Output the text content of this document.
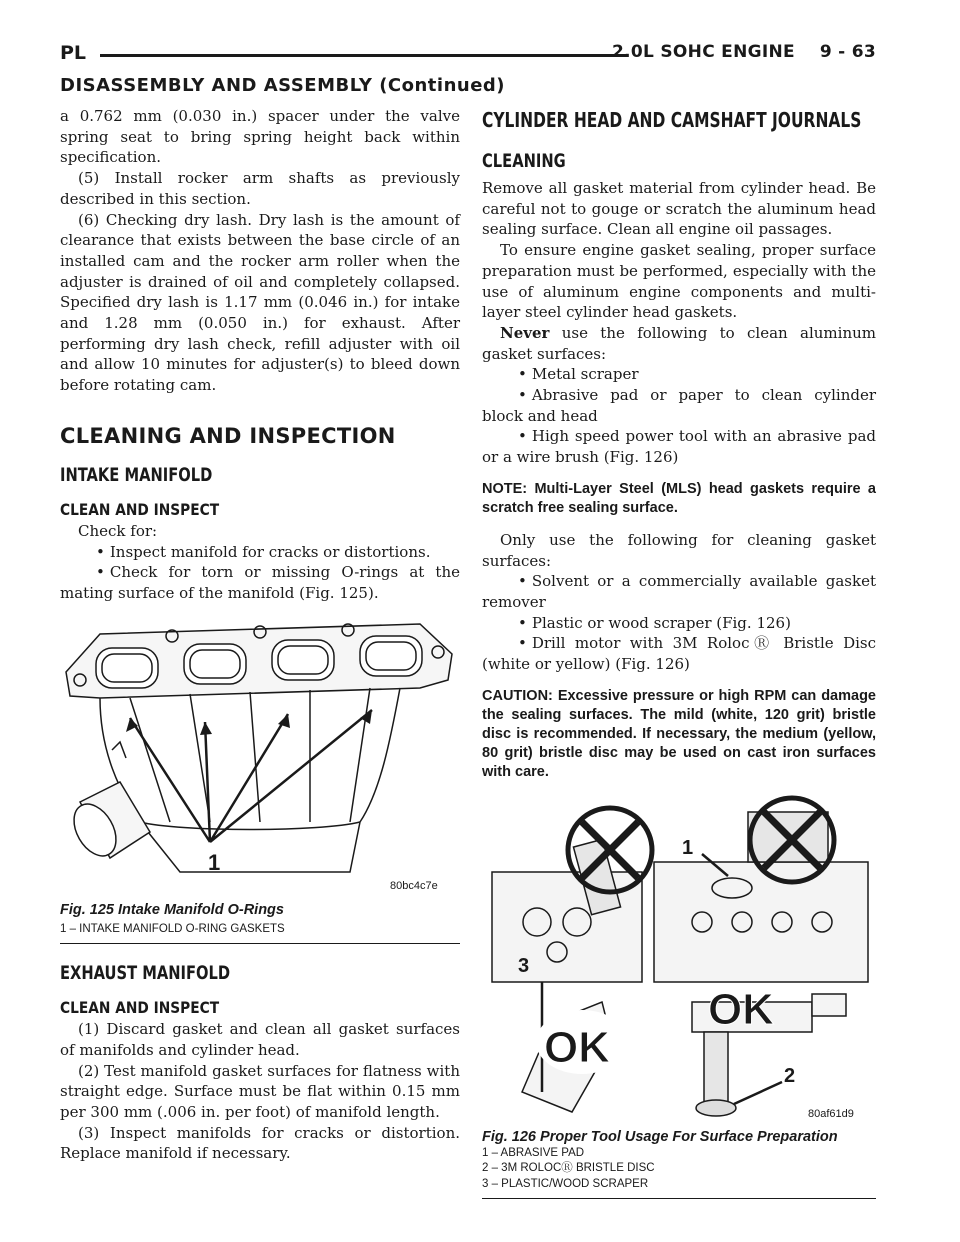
PL	2.0L SOHC ENGINE    9 - 63
DISASSEMBLY AND ASSEMBLY (Continued)

a 0.762 mm (0.030 in.) spacer under the valve spring seat to bring spring height back within specification.

(5) Install rocker arm shafts as previously described in this section.

(6) Checking dry lash. Dry lash is the amount of clearance that exists between the base circle of an installed cam and the rocker arm roller when the adjuster is drained of oil and completely collapsed. Specified dry lash is 1.17 mm (0.046 in.) for intake and 1.28 mm (0.050 in.) for exhaust. After performing dry lash check, refill adjuster with oil and allow 10 minutes for adjuster(s) to bleed down before rotating cam.

CLEANING AND INSPECTION
INTAKE MANIFOLD
CLEAN AND INSPECT

Check for:

• Inspect manifold for cracks or distortions.

• Check for torn or missing O-rings at the mating surface of the manifold (Fig. 125).

1
80bc4c7e

Fig. 125 Intake Manifold O-Rings

1 – INTAKE MANIFOLD O-RING GASKETS

EXHAUST MANIFOLD
CLEAN AND INSPECT

(1) Discard gasket and clean all gasket surfaces of manifolds and cylinder head.

(2) Test manifold gasket surfaces for flatness with straight edge. Surface must be flat within 0.15 mm per 300 mm (.006 in. per foot) of manifold length.

(3) Inspect manifolds for cracks or distortion. Replace manifold if necessary.

CYLINDER HEAD AND CAMSHAFT JOURNALS
CLEANING

Remove all gasket material from cylinder head. Be careful not to gouge or scratch the aluminum head sealing surface. Clean all engine oil passages.

To ensure engine gasket sealing, proper surface preparation must be performed, especially with the use of aluminum engine components and multi-layer steel cylinder head gaskets.

Never use the following to clean aluminum gasket surfaces:

• Metal scraper

• Abrasive pad or paper to clean cylinder block and head

• High speed power tool with an abrasive pad or a wire brush (Fig. 126)

NOTE: Multi-Layer Steel (MLS) head gaskets require a scratch free sealing surface.

Only use the following for cleaning gasket surfaces:

• Solvent or a commercially available gasket remover

• Plastic or wood scraper (Fig. 126)

• Drill motor with 3M RolocⓇ Bristle Disc (white or yellow) (Fig. 126)

CAUTION: Excessive pressure or high RPM can damage the sealing surfaces. The mild (white, 120 grit) bristle disc is recommended. If necessary, the medium (yellow, 80 grit) bristle disc may be used on cast iron surfaces with care.

1
2
3
OK
OK
80af61d9

Fig. 126 Proper Tool Usage For Surface Preparation

1 – ABRASIVE PAD

2 – 3M ROLOCⓇ BRISTLE DISC

3 – PLASTIC/WOOD SCRAPER
